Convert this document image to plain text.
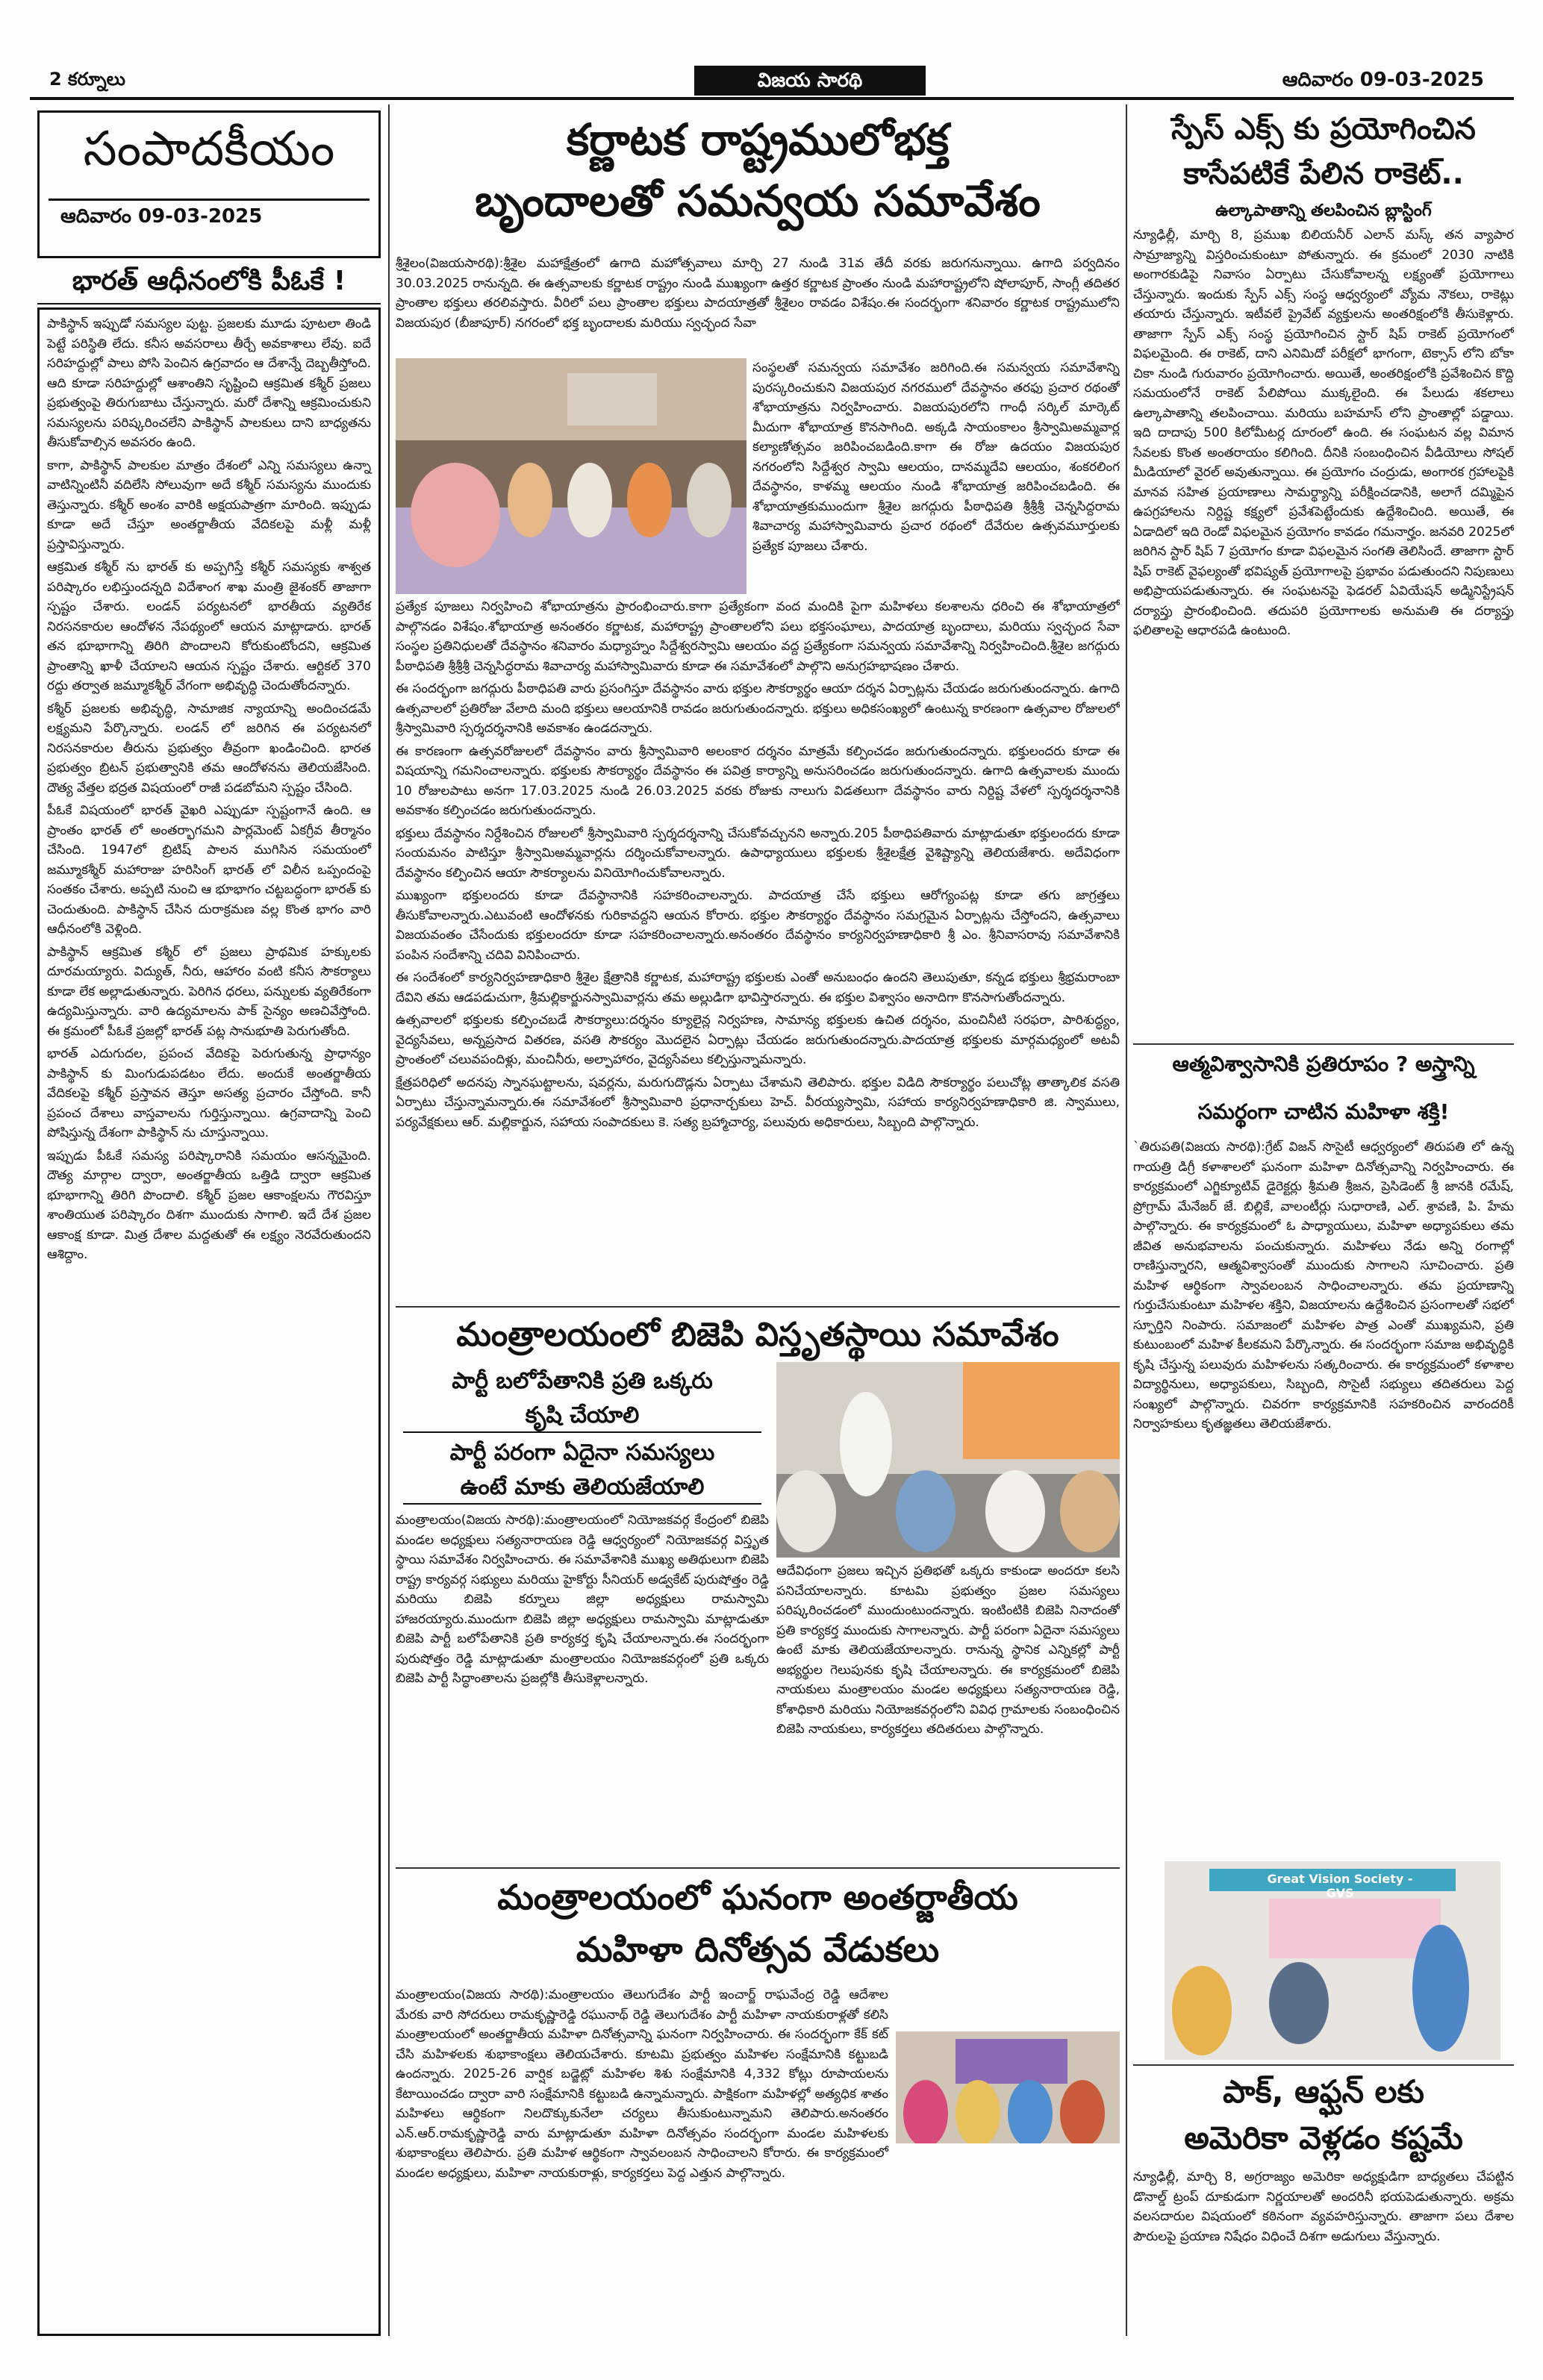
2 కర్నూలు	విజయ సారథి	ఆదివారం 09-03-2025
సంపాదకీయం
ఆదివారం 09-03-2025
భారత్ ఆధీనంలోకి పీఓకే !

పాకిస్థాన్ ఇప్పుడో సమస్యల పుట్ట. ప్రజలకు మూడు పూటలా తిండి పెట్టే పరిస్థితి లేదు. కనీస అవసరాలు తీర్చే అవకాశాలు లేవు. ఐదే సరిహద్దుల్లో పాలు పోసి పెంచిన ఉగ్రవాదం ఆ దేశాన్నే దెబ్బతీస్తోంది. ఆది కూడా సరిహద్దుల్లో ఆశాంతిని సృష్టించి ఆక్రమిత కశ్మీర్ ప్రజలు ప్రభుత్వంపై తిరుగుబాటు చేస్తున్నారు. మరో దేశాన్ని ఆక్రమించుకుని సమస్యలను పరిష్కరించలేని పాకిస్థాన్ పాలకులు దాని బాధ్యతను తీసుకోవాల్సిన అవసరం ఉంది.

కాగా, పాకిస్థాన్ పాలకుల మాత్రం దేశంలో ఎన్ని సమస్యలు ఉన్నా వాటిన్నింటినీ వదిలేసి సోలువుగా అదే కశ్మీర్ సమస్యను ముందుకు తెస్తున్నారు. కశ్మీర్ అంశం వారికి అక్షయపాత్రగా మారింది. ఇప్పుడు కూడా అదే చేస్తూ అంతర్జాతీయ వేదికలపై మళ్లీ మళ్లీ ప్రస్తావిస్తున్నారు.

ఆక్రమిత కశ్మీర్ ను భారత్ కు అప్పగిస్తే కశ్మీర్ సమస్యకు శాశ్వత పరిష్కారం లభిస్తుందన్నది విదేశాంగ శాఖ మంత్రి జైశంకర్ తాజాగా స్పష్టం చేశారు. లండన్ పర్యటనలో భారతీయ వ్యతిరేక నిరసనకారుల ఆందోళన నేపథ్యంలో ఆయన మాట్లాడారు. భారత్ తన భూభాగాన్ని తిరిగి పొందాలని కోరుకుంటోందని, ఆక్రమిత ప్రాంతాన్ని ఖాళీ చేయాలని ఆయన స్పష్టం చేశారు. ఆర్టికల్ 370 రద్దు తర్వాత జమ్మూకశ్మీర్ వేగంగా అభివృద్ధి చెందుతోందన్నారు.

కశ్మీర్ ప్రజలకు అభివృద్ధి, సామాజిక న్యాయాన్ని అందించడమే లక్ష్యమని పేర్కొన్నారు. లండన్ లో జరిగిన ఈ పర్యటనలో నిరసనకారుల తీరును ప్రభుత్వం తీవ్రంగా ఖండించింది. భారత ప్రభుత్వం బ్రిటన్ ప్రభుత్వానికి తమ ఆందోళనను తెలియజేసింది. దౌత్య వేత్తల భద్రత విషయంలో రాజీ పడబోమని స్పష్టం చేసింది.

పీఓకే విషయంలో భారత్ వైఖరి ఎప్పుడూ స్పష్టంగానే ఉంది. ఆ ప్రాంతం భారత్ లో అంతర్భాగమని పార్లమెంట్ ఏకగ్రీవ తీర్మానం చేసింది. 1947లో బ్రిటిష్ పాలన ముగిసిన సమయంలో జమ్మూకశ్మీర్ మహారాజు హరిసింగ్ భారత్ లో విలీన ఒప్పందంపై సంతకం చేశారు. అప్పటి నుంచి ఆ భూభాగం చట్టబద్ధంగా భారత్ కు చెందుతుంది. పాకిస్థాన్ చేసిన దురాక్రమణ వల్ల కొంత భాగం వారి ఆధీనంలోకి వెళ్లింది.

పాకిస్థాన్ ఆక్రమిత కశ్మీర్ లో ప్రజలు ప్రాథమిక హక్కులకు దూరమయ్యారు. విద్యుత్, నీరు, ఆహారం వంటి కనీస సౌకర్యాలు కూడా లేక అల్లాడుతున్నారు. పెరిగిన ధరలు, పన్నులకు వ్యతిరేకంగా ఉద్యమిస్తున్నారు. వారి ఉద్యమాలను పాక్ సైన్యం అణచివేస్తోంది. ఈ క్రమంలో పీఓకే ప్రజల్లో భారత్ పట్ల సానుభూతి పెరుగుతోంది.

భారత్ ఎదుగుదల, ప్రపంచ వేదికపై పెరుగుతున్న ప్రాధాన్యం పాకిస్థాన్ కు మింగుడుపడటం లేదు. అందుకే అంతర్జాతీయ వేదికలపై కశ్మీర్ ప్రస్తావన తెస్తూ అసత్య ప్రచారం చేస్తోంది. కానీ ప్రపంచ దేశాలు వాస్తవాలను గుర్తిస్తున్నాయి. ఉగ్రవాదాన్ని పెంచి పోషిస్తున్న దేశంగా పాకిస్థాన్ ను చూస్తున్నాయి.

ఇప్పుడు పీఓకే సమస్య పరిష్కారానికి సమయం ఆసన్నమైంది. దౌత్య మార్గాల ద్వారా, అంతర్జాతీయ ఒత్తిడి ద్వారా ఆక్రమిత భూభాగాన్ని తిరిగి పొందాలి. కశ్మీర్ ప్రజల ఆకాంక్షలను గౌరవిస్తూ శాంతియుత పరిష్కారం దిశగా ముందుకు సాగాలి. ఇదే దేశ ప్రజల ఆకాంక్ష కూడా. మిత్ర దేశాల మద్దతుతో ఈ లక్ష్యం నెరవేరుతుందని ఆశిద్దాం.

కర్ణాటక రాష్ట్రములోభక్త
బృందాలతో సమన్వయ సమావేశం
శ్రీశైలం(విజయసారథి):శ్రీశైల మహాక్షేత్రంలో ఉగాది మహోత్సవాలు మార్చి 27 నుండి 31వ తేదీ వరకు జరుగనున్నాయి. ఉగాది పర్వదినం 30.03.2025 రానున్నది. ఈ ఉత్సవాలకు కర్ణాటక రాష్ట్రం నుండి ముఖ్యంగా ఉత్తర కర్ణాటక ప్రాంతం నుండి మహారాష్ట్రలోని షోలాపూర్, సాంగ్లీ తదితర ప్రాంతాల భక్తులు తరలివస్తారు. వీరిలో పలు ప్రాంతాల భక్తులు పాదయాత్రతో శ్రీశైలం రావడం విశేషం.ఈ సందర్భంగా శనివారం కర్ణాటక రాష్ట్రములోని విజయపుర (బీజాపూర్) నగరంలో భక్త బృందాలకు మరియు స్వచ్ఛంద సేవా
సంస్థలతో సమన్వయ సమావేశం జరిగింది.ఈ సమన్వయ సమావేశాన్ని పురస్కరించుకుని విజయపుర నగరములో దేవస్థానం తరఫు ప్రచార రథంతో శోభాయాత్రను నిర్వహించారు. విజయపురలోని గాంధీ సర్కిల్ మార్కెట్ మీదుగా శోభాయాత్ర కొనసాగింది. అక్కడి సాయంకాలం శ్రీస్వామిఅమ్మవార్ల కల్యాణోత్సవం జరిపించబడింది.కాగా ఈ రోజు ఉదయం విజయపుర నగరంలోని సిద్దేశ్వర స్వామి ఆలయం, దానమ్మదేవి ఆలయం, శంకరలింగ దేవస్థానం, కాళమ్మ ఆలయం నుండి శోభాయాత్ర జరిపించబడింది. ఈ శోభాయాత్రకుముందుగా శ్రీశైల జగద్గురు పీఠాధిపతి శ్రీశ్రీశ్రీ చెన్నసిద్దరామ శివాచార్య మహాస్వామివారు ప్రచార రథంలో దేవేరుల ఉత్సవమూర్తులకు ప్రత్యేక పూజలు చేశారు.

ప్రత్యేక పూజలు నిర్వహించి శోభాయాత్రను ప్రారంభించారు.కాగా ప్రత్యేకంగా వంద మందికి పైగా మహిళలు కలశాలను ధరించి ఈ శోభాయాత్రలో పాల్గొనడం విశేషం.శోభాయాత్ర అనంతరం కర్ణాటక, మహారాష్ట్ర ప్రాంతాలలోని పలు భక్తసంఘాలు, పాదయాత్ర బృందాలు, మరియు స్వచ్ఛంద సేవా సంస్థల ప్రతినిధులతో దేవస్థానం శనివారం మధ్యాహ్నం సిద్దేశ్వరస్వామి ఆలయం వద్ద ప్రత్యేకంగా సమన్వయ సమావేశాన్ని నిర్వహించింది.శ్రీశైల జగద్గురు పీఠాధిపతి శ్రీశ్రీశ్రీ చెన్నసిద్ధరామ శివాచార్య మహాస్వామివారు కూడా ఈ సమావేశంలో పాల్గొని అనుగ్రహభాషణం చేశారు.

ఈ సందర్భంగా జగద్గురు పీఠాధిపతి వారు ప్రసంగిస్తూ దేవస్థానం వారు భక్తుల సౌకర్యార్థం ఆయా దర్శన ఏర్పాట్లను చేయడం జరుగుతుందన్నారు. ఉగాది ఉత్సవాలలో ప్రతిరోజు వేలాది మంది భక్తులు ఆలయానికి రావడం జరుగుతుందన్నారు. భక్తులు అధికసంఖ్యలో ఉంటున్న కారణంగా ఉత్సవాల రోజులలో శ్రీస్వామివారి స్పర్శదర్శనానికి అవకాశం ఉండదన్నారు.

ఈ కారణంగా ఉత్సవరోజులలో దేవస్థానం వారు శ్రీస్వామివారి అలంకార దర్శనం మాత్రమే కల్పించడం జరుగుతుందన్నారు. భక్తులందరు కూడా ఈ విషయాన్ని గమనించాలన్నారు. భక్తులకు సౌకర్యార్థం దేవస్థానం ఈ పవిత్ర కార్యాన్ని అనుసరించడం జరుగుతుందన్నారు. ఉగాది ఉత్సవాలకు ముందు 10 రోజులపాటు అనగా 17.03.2025 నుండి 26.03.2025 వరకు రోజుకు నాలుగు విడతలుగా దేవస్థానం వారు నిర్దిష్ట వేళలో స్పర్శదర్శనానికి అవకాశం కల్పించడం జరుగుతుందన్నారు.

భక్తులు దేవస్థానం నిర్దేశించిన రోజులలో శ్రీస్వామివారి స్పర్శదర్శనాన్ని చేసుకోవచ్చునని అన్నారు.205 పీఠాధిపతివారు మాట్లాడుతూ భక్తులందరు కూడా సంయమనం పాటిస్తూ శ్రీస్వామిఅమ్మవార్లను దర్శించుకోవాలన్నారు. ఉపాధ్యాయులు భక్తులకు శ్రీశైలక్షేత్ర వైశిష్ట్యాన్ని తెలియజేశారు. అదేవిధంగా దేవస్థానం కల్పించిన ఆయా సౌకర్యాలను వినియోగించుకోవాలన్నారు.

ముఖ్యంగా భక్తులందరు కూడా దేవస్థానానికి సహకరించాలన్నారు. పాదయాత్ర చేసే భక్తులు ఆరోగ్యంపట్ల కూడా తగు జాగ్రత్తలు తీసుకోవాలన్నారు.ఎటువంటి ఆందోళనకు గురికావద్దని ఆయన కోరారు. భక్తుల సౌకర్యార్థం దేవస్థానం సమగ్రమైన ఏర్పాట్లను చేస్తోందని, ఉత్సవాలు విజయవంతం చేసేందుకు భక్తులందరూ కూడా సహకరించాలన్నారు.అనంతరం దేవస్థానం కార్యనిర్వహణాధికారి శ్రీ ఎం. శ్రీనివాసరావు సమావేశానికి పంపిన సందేశాన్ని చదివి వినిపించారు.

ఈ సందేశంలో కార్యనిర్వహణాధికారి శ్రీశైల క్షేత్రానికి కర్ణాటక, మహారాష్ట్ర భక్తులకు ఎంతో అనుబంధం ఉందని తెలుపుతూ, కన్నడ భక్తులు శ్రీభ్రమరాంబా దేవిని తమ ఆడపడుచుగా, శ్రీమల్లికార్జునస్వామివార్లను తమ అల్లుడిగా భావిస్తారన్నారు. ఈ భక్తుల విశ్వాసం అనాదిగా కొనసాగుతోందన్నారు.

ఉత్సవాలలో భక్తులకు కల్పించబడే సౌకర్యాలు:దర్శనం క్యూలైన్ల నిర్వహణ, సామాన్య భక్తులకు ఉచిత దర్శనం, మంచినీటి సరఫరా, పారిశుద్ధ్యం, వైద్యసేవలు, అన్నప్రసాద వితరణ, వసతి సౌకర్యం మొదలైన ఏర్పాట్లు చేయడం జరుగుతుందన్నారు.పాదయాత్ర భక్తులకు మార్గమధ్యంలో అటవీ ప్రాంతంలో చలువపందిళ్లు, మంచినీరు, అల్పాహారం, వైద్యసేవలు కల్పిస్తున్నామన్నారు.

క్షేత్రపరిధిలో అదనపు స్నానఘట్టాలను, షవర్లను, మరుగుదొడ్లను ఏర్పాటు చేశామని తెలిపారు. భక్తుల విడిది సౌకర్యార్థం పలుచోట్ల తాత్కాలిక వసతి ఏర్పాటు చేస్తున్నామన్నారు.ఈ సమావేశంలో శ్రీస్వామివారి ప్రధానార్చకులు హెచ్. వీరయ్యస్వామి, సహాయ కార్యనిర్వహణాధికారి జి. స్వాములు, పర్యవేక్షకులు ఆర్. మల్లికార్జున, సహాయ సంపాదకులు కె. సత్య బ్రహ్మాచార్య, పలువురు అధికారులు, సిబ్బంది పాల్గొన్నారు.

మంత్రాలయంలో బిజెపి విస్తృతస్థాయి సమావేశం
పార్టీ బలోపేతానికి ప్రతి ఒక్కరు
కృషి చేయాలి
పార్టీ పరంగా ఏదైనా సమస్యలు
ఉంటే మాకు తెలియజేయాలి
మంత్రాలయం(విజయ సారథి):మంత్రాలయంలో నియోజకవర్గ కేంద్రంలో బిజెపి మండల అధ్యక్షులు సత్యనారాయణ రెడ్డి ఆధ్వర్యంలో నియోజకవర్గ విస్తృత స్థాయి సమావేశం నిర్వహించారు. ఈ సమావేశానికి ముఖ్య అతిథులుగా బిజెపి రాష్ట్ర కార్యవర్గ సభ్యులు మరియు హైకోర్టు సీనియర్ అడ్వకేట్ పురుషోత్తం రెడ్డి మరియు బిజెపి కర్నూలు జిల్లా అధ్యక్షులు రామస్వామి హాజరయ్యారు.ముందుగా బిజెపి జిల్లా అధ్యక్షులు రామస్వామి మాట్లాడుతూ బిజెపి పార్టీ బలోపేతానికి ప్రతి కార్యకర్త కృషి చేయాలన్నారు.ఈ సందర్భంగా పురుషోత్తం రెడ్డి మాట్లాడుతూ మంత్రాలయం నియోజకవర్గంలో ప్రతి ఒక్కరు బిజెపి పార్టీ సిద్ధాంతాలను ప్రజల్లోకి తీసుకెళ్లాలన్నారు.
ఆదేవిధంగా ప్రజలు ఇచ్చిన ప్రతిభతో ఒక్కరు కాకుండా అందరూ కలసి పనిచేయాలన్నారు. కూటమి ప్రభుత్వం ప్రజల సమస్యలు పరిష్కరించడంలో ముందుంటుందన్నారు. ఇంటింటికి బిజెపి నినాదంతో ప్రతి కార్యకర్త ముందుకు సాగాలన్నారు. పార్టీ పరంగా ఏదైనా సమస్యలు ఉంటే మాకు తెలియజేయాలన్నారు. రానున్న స్థానిక ఎన్నికల్లో పార్టీ అభ్యర్థుల గెలుపునకు కృషి చేయాలన్నారు. ఈ కార్యక్రమంలో బిజెపి నాయకులు మంత్రాలయం మండల అధ్యక్షులు సత్యనారాయణ రెడ్డి, కోశాధికారి మరియు నియోజకవర్గంలోని వివిధ గ్రామాలకు సంబంధించిన బిజెపి నాయకులు, కార్యకర్తలు తదితరులు పాల్గొన్నారు.
మంత్రాలయంలో ఘనంగా అంతర్జాతీయ
మహిళా దినోత్సవ వేడుకలు
మంత్రాలయం(విజయ సారథి):మంత్రాలయం తెలుగుదేశం పార్టీ ఇంచార్జ్ రాఘవేంద్ర రెడ్డి ఆదేశాల మేరకు వారి సోదరులు రామకృష్ణారెడ్డి రఘునాథ్ రెడ్డి తెలుగుదేశం పార్టీ మహిళా నాయకురాళ్లతో కలిసి మంత్రాలయంలో అంతర్జాతీయ మహిళా దినోత్సవాన్ని ఘనంగా నిర్వహించారు. ఈ సందర్భంగా కేక్ కట్ చేసి మహిళలకు శుభాకాంక్షలు తెలియచేశారు. కూటమి ప్రభుత్వం మహిళల సంక్షేమానికి కట్టుబడి ఉందన్నారు. 2025-26 వార్షిక బడ్జెట్లో మహిళల శిశు సంక్షేమానికి 4,332 కోట్లు రూపాయలను కేటాయించడం ద్వారా వారి సంక్షేమానికి కట్టుబడి ఉన్నామన్నారు. పాక్షికంగా మహిళల్లో అత్యధిక శాతం మహిళలు ఆర్థికంగా నిలదొక్కుకునేలా చర్యలు తీసుకుంటున్నామని తెలిపారు.అనంతరం ఎన్.ఆర్.రామకృష్ణారెడ్డి వారు మాట్లాడుతూ మహిళా దినోత్సవం సందర్భంగా మండల మహిళలకు శుభాకాంక్షలు తెలిపారు. ప్రతి మహిళ ఆర్థికంగా స్వావలంబన సాధించాలని కోరారు. ఈ కార్యక్రమంలో మండల అధ్యక్షులు, మహిళా నాయకురాళ్లు, కార్యకర్తలు పెద్ద ఎత్తున పాల్గొన్నారు.
స్పేస్ ఎక్స్ కు ప్రయోగించిన
కాసేపటికే పేలిన రాకెట్..
ఉల్కాపాతాన్ని తలపించిన బ్లాస్టింగ్
న్యూఢిల్లీ, మార్చి 8, ప్రముఖ బిలియనీర్ ఎలాన్ మస్క్ తన వ్యాపార సామ్రాజ్యాన్ని విస్తరించుకుంటూ పోతున్నారు. ఈ క్రమంలో 2030 నాటికి అంగారకుడిపై నివాసం ఏర్పాటు చేసుకోవాలన్న లక్ష్యంతో ప్రయోగాలు చేస్తున్నారు. ఇందుకు స్పేస్ ఎక్స్ సంస్థ ఆధ్వర్యంలో వ్యోమ నౌకలు, రాకెట్లు తయారు చేస్తున్నారు. ఇటీవలే ప్రైవేట్ వ్యక్తులను అంతరిక్షంలోకి తీసుకెళ్లారు. తాజాగా స్పేస్ ఎక్స్ సంస్థ ప్రయోగించిన స్టార్ షిప్ రాకెట్ ప్రయోగంలో విఫలమైంది. ఈ రాకెట్, దాని ఎనిమిదో పరీక్షలో భాగంగా, టెక్సాస్ లోని బోకా చికా నుండి గురువారం ప్రయోగించారు. అయితే, అంతరిక్షంలోకి ప్రవేశించిన కొద్ది సమయంలోనే రాకెట్ పేలిపోయి ముక్కలైంది. ఈ పేలుడు శకలాలు ఉల్కాపాతాన్ని తలపించాయి. మరియు బహమాస్ లోని ప్రాంతాల్లో పడ్డాయి. ఇది దాదాపు 500 కిలోమీటర్ల దూరంలో ఉంది. ఈ సంఘటన వల్ల విమాన సేవలకు కొంత అంతరాయం కలిగింది. దీనికి సంబంధించిన వీడియోలు సోషల్ మీడియాలో వైరల్ అవుతున్నాయి. ఈ ప్రయోగం చంద్రుడు, అంగారక గ్రహాలపైకి మానవ సహిత ప్రయాణాలు సామర్థ్యాన్ని పరీక్షించడానికి, అలాగే దమ్మిపైన ఉపగ్రహాలను నిర్దిష్ట కక్ష్యలో ప్రవేశపెట్టేందుకు ఉద్దేశించింది. అయితే, ఈ ఏడాదిలో ఇది రెండో విఫలమైన ప్రయోగం కావడం గమనార్హం. జనవరి 2025లో జరిగిన స్టార్ షిప్ 7 ప్రయోగం కూడా విఫలమైన సంగతి తెలిసిందే. తాజాగా స్టార్ షిప్ రాకెట్ వైఫల్యంతో భవిష్యత్ ప్రయోగాలపై ప్రభావం పడుతుందని నిపుణులు అభిప్రాయపడుతున్నారు. ఈ సంఘటనపై ఫెడరల్ ఏవియేషన్ అడ్మినిస్ట్రేషన్ దర్యాప్తు ప్రారంభించింది. తదుపరి ప్రయోగాలకు అనుమతి ఈ దర్యాప్తు ఫలితాలపై ఆధారపడి ఉంటుంది.
ఆత్మవిశ్వాసానికి ప్రతిరూపం ? అస్త్రాన్ని
సమర్థంగా చాటిన మహిళా శక్తి!
`తిరుపతి(విజయ సారథి):గ్రేట్ విజన్ సొసైటీ ఆధ్వర్యంలో తిరుపతి లో ఉన్న గాయత్రి డిగ్రీ కళాశాలలో ఘనంగా మహిళా దినోత్సవాన్ని నిర్వహించారు. ఈ కార్యక్రమంలో ఎగ్జిక్యూటివ్ డైరెక్టర్లు శ్రీమతి శ్రీజన, ప్రెసిడెంట్ శ్రీ జానకి రమేష్, ప్రోగ్రామ్ మేనేజర్ జే. బిల్లికే, వాలంటీర్లు సుధారాణి, ఎల్. శ్రావణి, పి. హేమ పాల్గొన్నారు. ఈ కార్యక్రమంలో ఓ పాధ్యాయులు, మహిళా అధ్యాపకులు తమ జీవిత అనుభవాలను పంచుకున్నారు. మహిళలు నేడు అన్ని రంగాల్లో రాణిస్తున్నారని, ఆత్మవిశ్వాసంతో ముందుకు సాగాలని సూచించారు. ప్రతి మహిళ ఆర్థికంగా స్వావలంబన సాధించాలన్నారు. తమ ప్రయాణాన్ని గుర్తుచేసుకుంటూ మహిళల శక్తిని, విజయాలను ఉద్దేశించిన ప్రసంగాలతో సభలో స్ఫూర్తిని నింపారు. సమాజంలో మహిళల పాత్ర ఎంతో ముఖ్యమని, ప్రతి కుటుంబంలో మహిళ కీలకమని పేర్కొన్నారు. ఈ సందర్భంగా సమాజ అభివృద్ధికి కృషి చేస్తున్న పలువురు మహిళలను సత్కరించారు. ఈ కార్యక్రమంలో కళాశాల విద్యార్థినులు, అధ్యాపకులు, సిబ్బంది, సొసైటీ సభ్యులు తదితరులు పెద్ద సంఖ్యలో పాల్గొన్నారు. చివరగా కార్యక్రమానికి సహకరించిన వారందరికీ నిర్వాహకులు కృతజ్ఞతలు తెలియజేశారు.
Great Vision Society - GVS
పాక్, ఆఫ్ఘన్ లకు
అమెరికా వెళ్లడం కష్టమే
న్యూఢిల్లీ, మార్చి 8, అగ్రరాజ్యం అమెరికా అధ్యక్షుడిగా బాధ్యతలు చేపట్టిన డొనాల్డ్ ట్రంప్ దూకుడుగా నిర్ణయాలతో అందరినీ భయపెడుతున్నారు. అక్రమ వలసదారుల విషయంలో కఠినంగా వ్యవహరిస్తున్నారు. తాజాగా పలు దేశాల పౌరులపై ప్రయాణ నిషేధం విధించే దిశగా అడుగులు వేస్తున్నారు.
